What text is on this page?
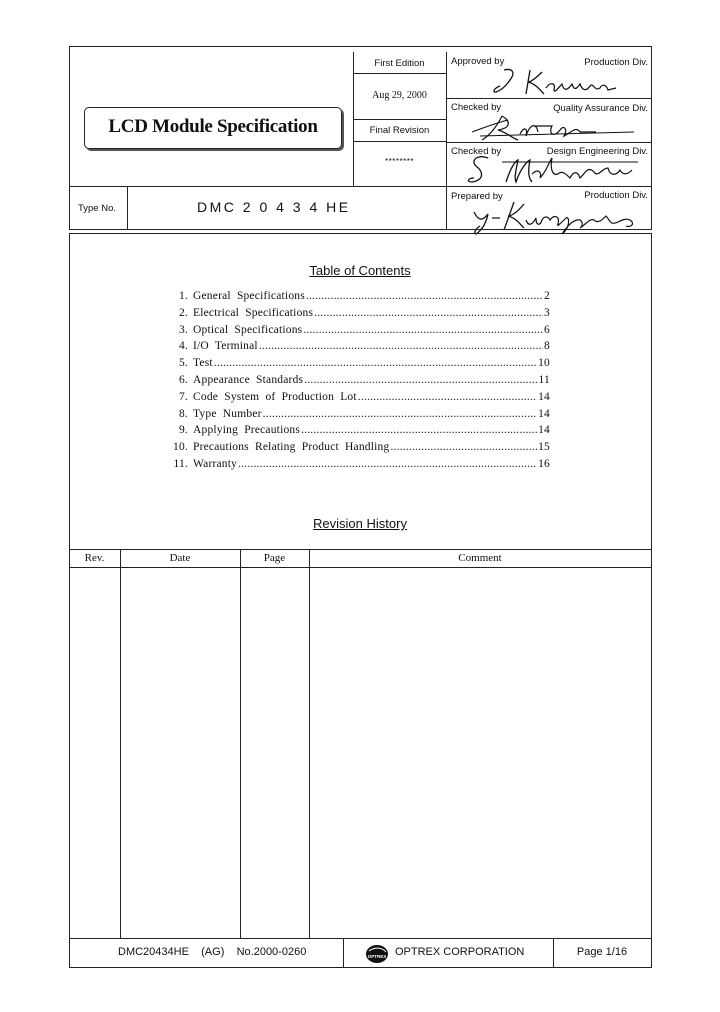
LCD Module Specification
First Edition
Aug 29, 2000
Final Revision
********
Approved by	Production Div.
Checked by	Quality Assurance Div.
Checked by	Design Engineering Div.
Prepared by	Production Div.
Type No.	DMC 2 0 4 3 4 HE
Table of Contents
1. General  Specifications .....	2
2. Electrical  Specifications .....	3
3. Optical  Specifications .....	6
4. I/O  Terminal .....	8
5. Test .....	10
6. Appearance  Standards .....	11
7. Code  System  of  Production  Lot .....	14
8. Type  Number .....	14
9. Applying  Precautions .....	14
10. Precautions  Relating  Product  Handling .....	15
11. Warranty .....	16
Revision History
Rev.	Date	Page	Comment
DMC20434HE    (AG)    No.2000-0260	OPTREX OPTREX CORPORATION	Page 1/16
